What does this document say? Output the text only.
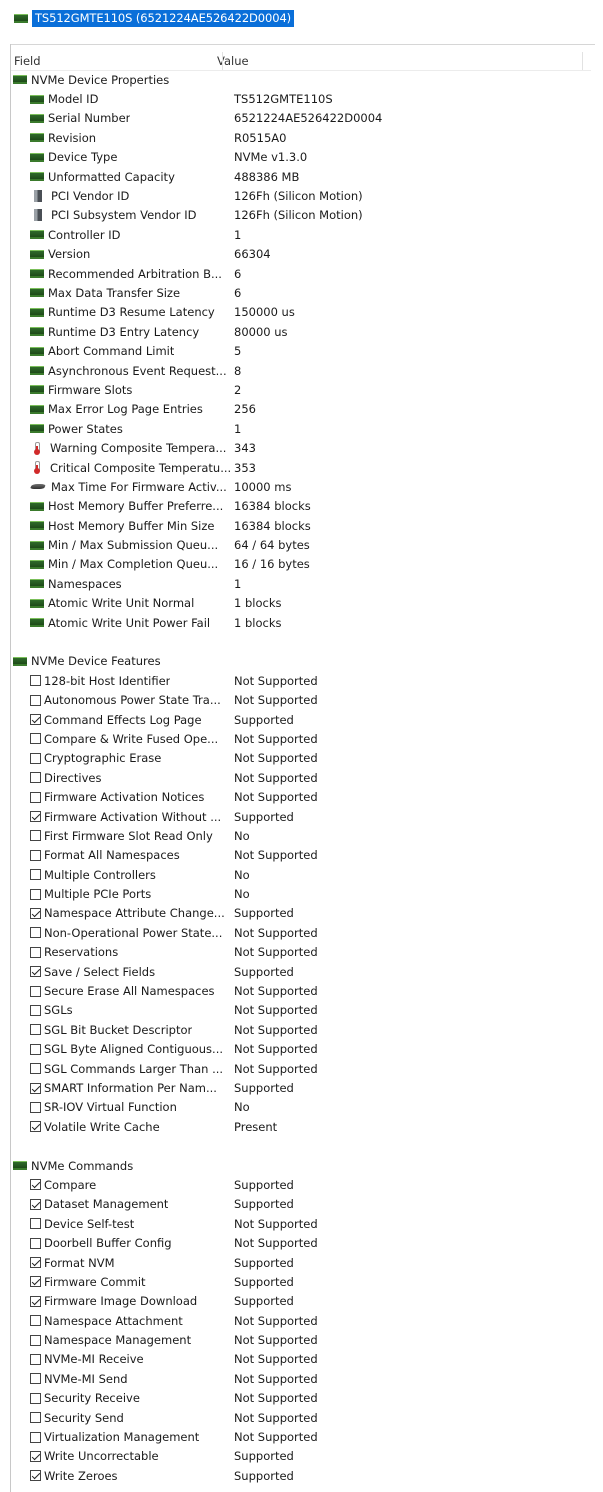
TS512GMTE110S (6521224AE526422D0004)
Field	Value
NVMe Device Properties
Model ID	TS512GMTE110S
Serial Number	6521224AE526422D0004
Revision	R0515A0
Device Type	NVMe v1.3.0
Unformatted Capacity	488386 MB
PCI Vendor ID	126Fh (Silicon Motion)
PCI Subsystem Vendor ID	126Fh (Silicon Motion)
Controller ID	1
Version	66304
Recommended Arbitration B... 6
Max Data Transfer Size	6
Runtime D3 Resume Latency 150000 us
Runtime D3 Entry Latency	80000 us
Abort Command Limit	5
Asynchronous Event Request... 8
Firmware Slots	2
Max Error Log Page Entries	256
Power States	1
Warning Composite Tempera... 343
Critical Composite Temperatu... 353
Max Time For Firmware Activ... 10000 ms
Host Memory Buffer Preferre... 16384 blocks
Host Memory Buffer Min Size 16384 blocks
Min / Max Submission Queu... 64 / 64 bytes
Min / Max Completion Queu... 16 / 16 bytes
Namespaces	1
Atomic Write Unit Normal	1 blocks
Atomic Write Unit Power Fail 1 blocks
NVMe Device Features
128-bit Host Identifier	Not Supported
Autonomous Power State Tra... Not Supported
Command Effects Log Page	Supported
Compare & Write Fused Ope... Not Supported
Cryptographic Erase	Not Supported
Directives	Not Supported
Firmware Activation Notices	Not Supported
Firmware Activation Without ... Supported
First Firmware Slot Read Only No
Format All Namespaces	Not Supported
Multiple Controllers	No
Multiple PCIe Ports	No
Namespace Attribute Change... Supported
Non-Operational Power State... Not Supported
Reservations	Not Supported
Save / Select Fields	Supported
Secure Erase All Namespaces Not Supported
SGLs	Not Supported
SGL Bit Bucket Descriptor	Not Supported
SGL Byte Aligned Contiguous... Not Supported
SGL Commands Larger Than ... Not Supported
SMART Information Per Nam... Supported
SR-IOV Virtual Function	No
Volatile Write Cache	Present
NVMe Commands
Compare	Supported
Dataset Management	Supported
Device Self-test	Not Supported
Doorbell Buffer Config	Not Supported
Format NVM	Supported
Firmware Commit	Supported
Firmware Image Download	Supported
Namespace Attachment	Not Supported
Namespace Management	Not Supported
NVMe-MI Receive	Not Supported
NVMe-MI Send	Not Supported
Security Receive	Not Supported
Security Send	Not Supported
Virtualization Management	Not Supported
Write Uncorrectable	Supported
Write Zeroes	Supported
